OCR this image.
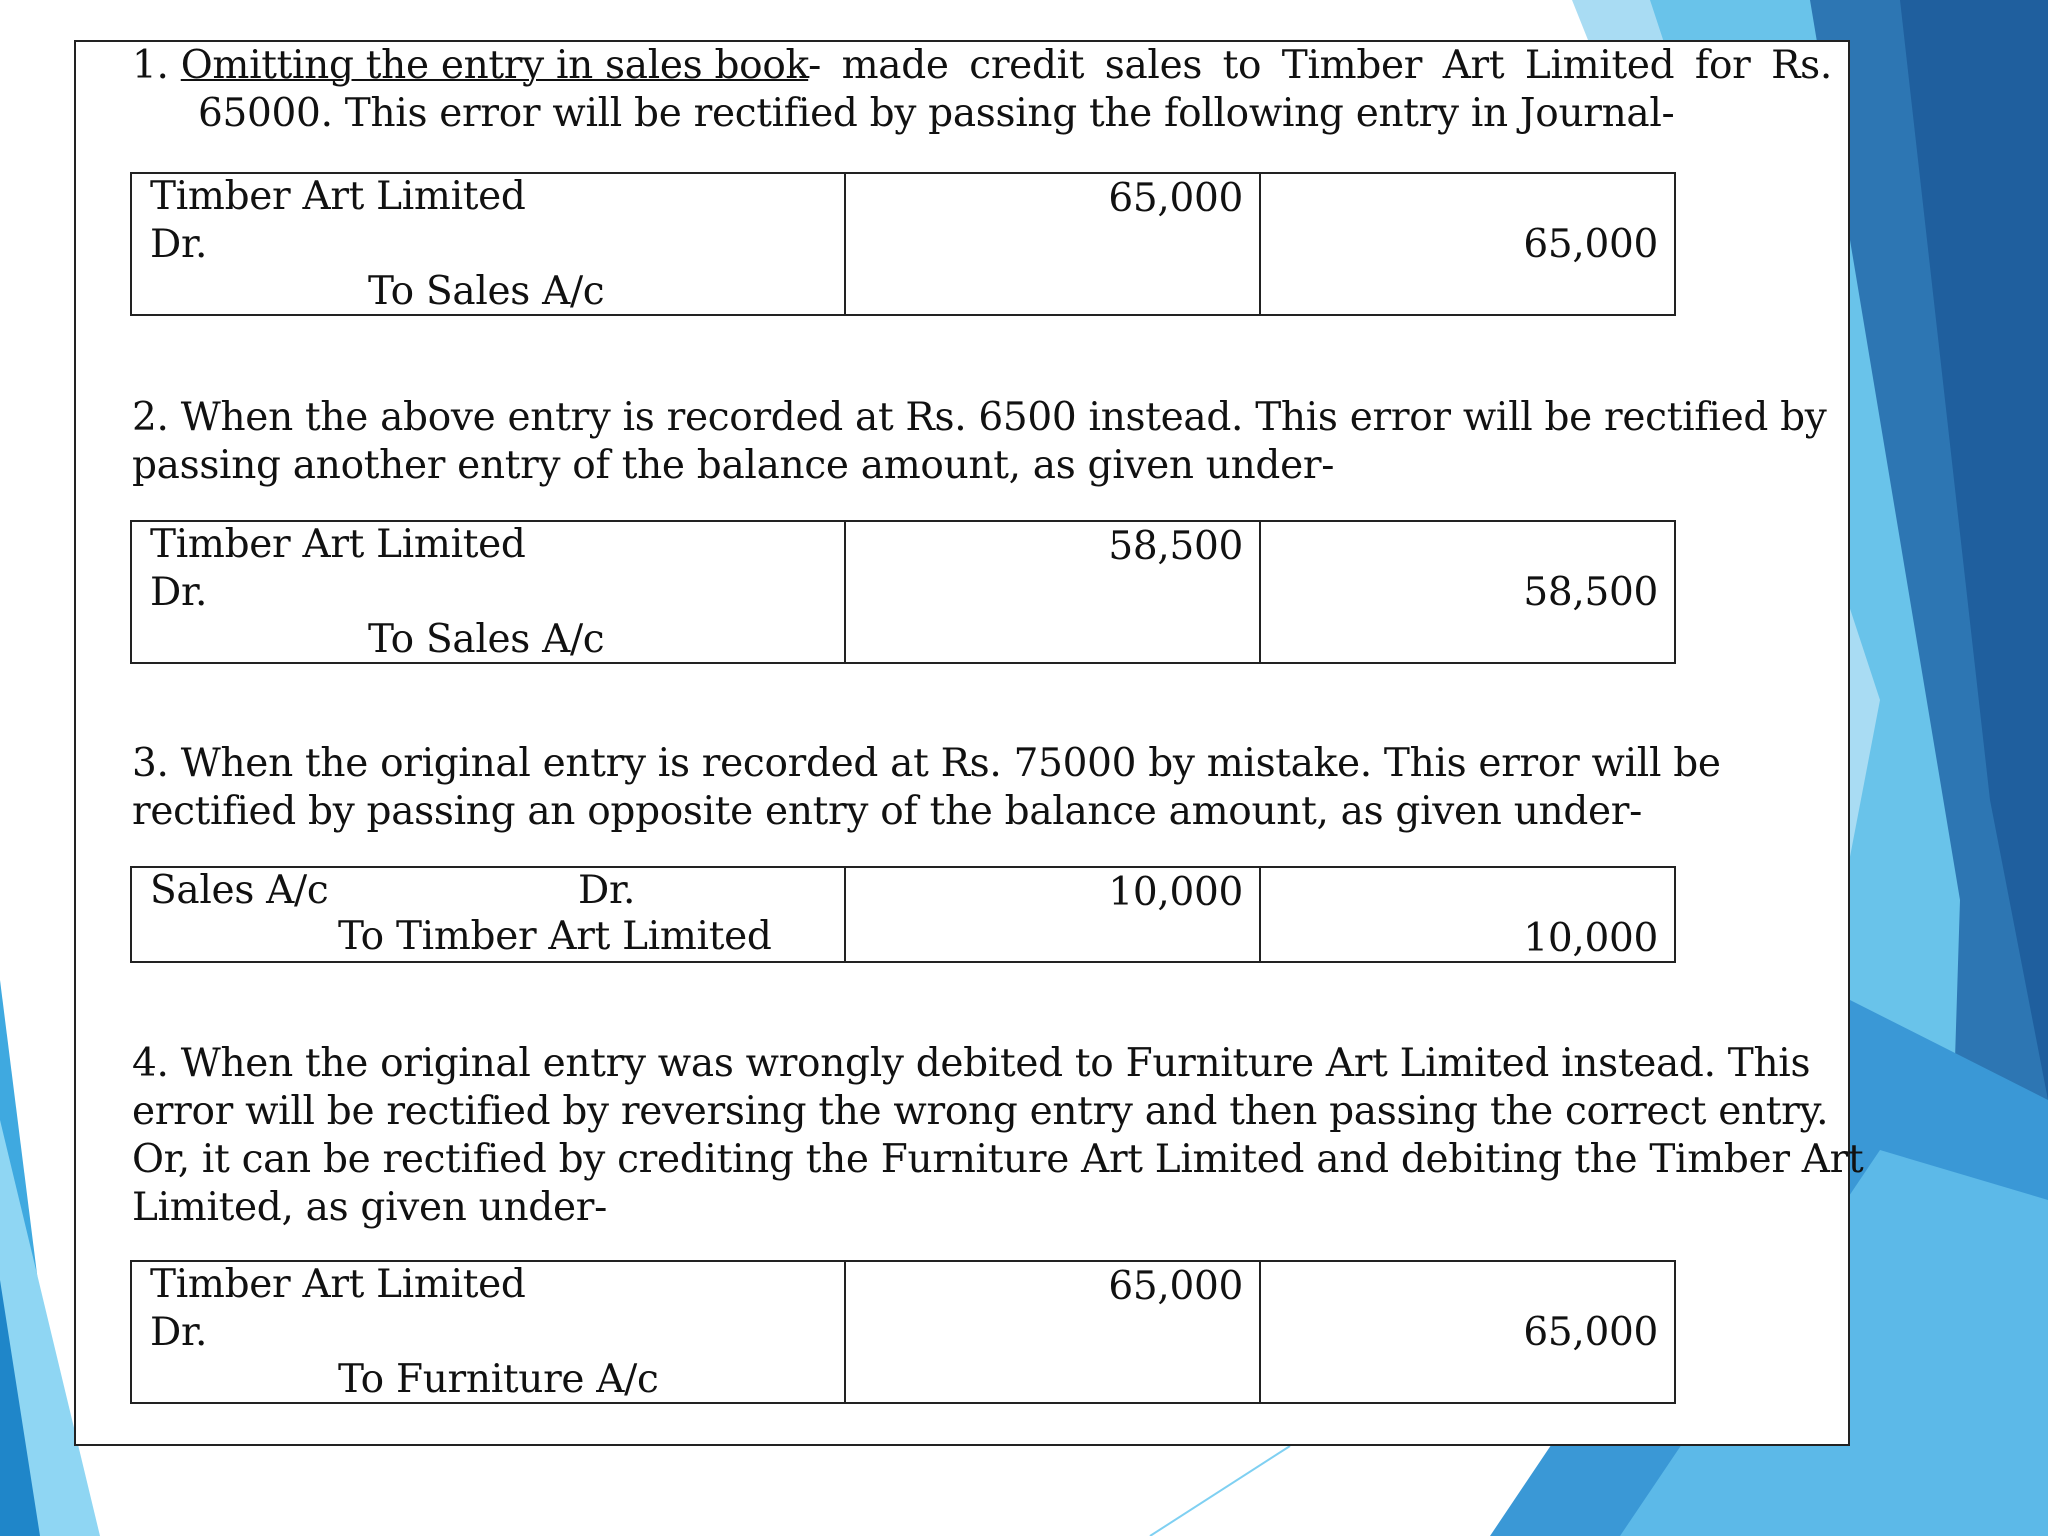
1. Omitting the entry in sales book- made credit sales to Timber Art Limited for Rs.
65000. This error will be rectified by passing the following entry in Journal-
Timber Art Limited
Dr.
To Sales A/c
65,000
65,000
2. When the above entry is recorded at Rs. 6500 instead. This error will be rectified by
passing another entry of the balance amount, as given under-
Timber Art Limited
Dr.
To Sales A/c
58,500
58,500
3. When the original entry is recorded at Rs. 75000 by mistake. This error will be
rectified by passing an opposite entry of the balance amount, as given under-
Sales A/c	Dr.
To Timber Art Limited
10,000
10,000
4. When the original entry was wrongly debited to Furniture Art Limited instead. This
error will be rectified by reversing the wrong entry and then passing the correct entry.
Or, it can be rectified by crediting the Furniture Art Limited and debiting the Timber Art
Limited, as given under-
Timber Art Limited
Dr.
To Furniture A/c
65,000
65,000
